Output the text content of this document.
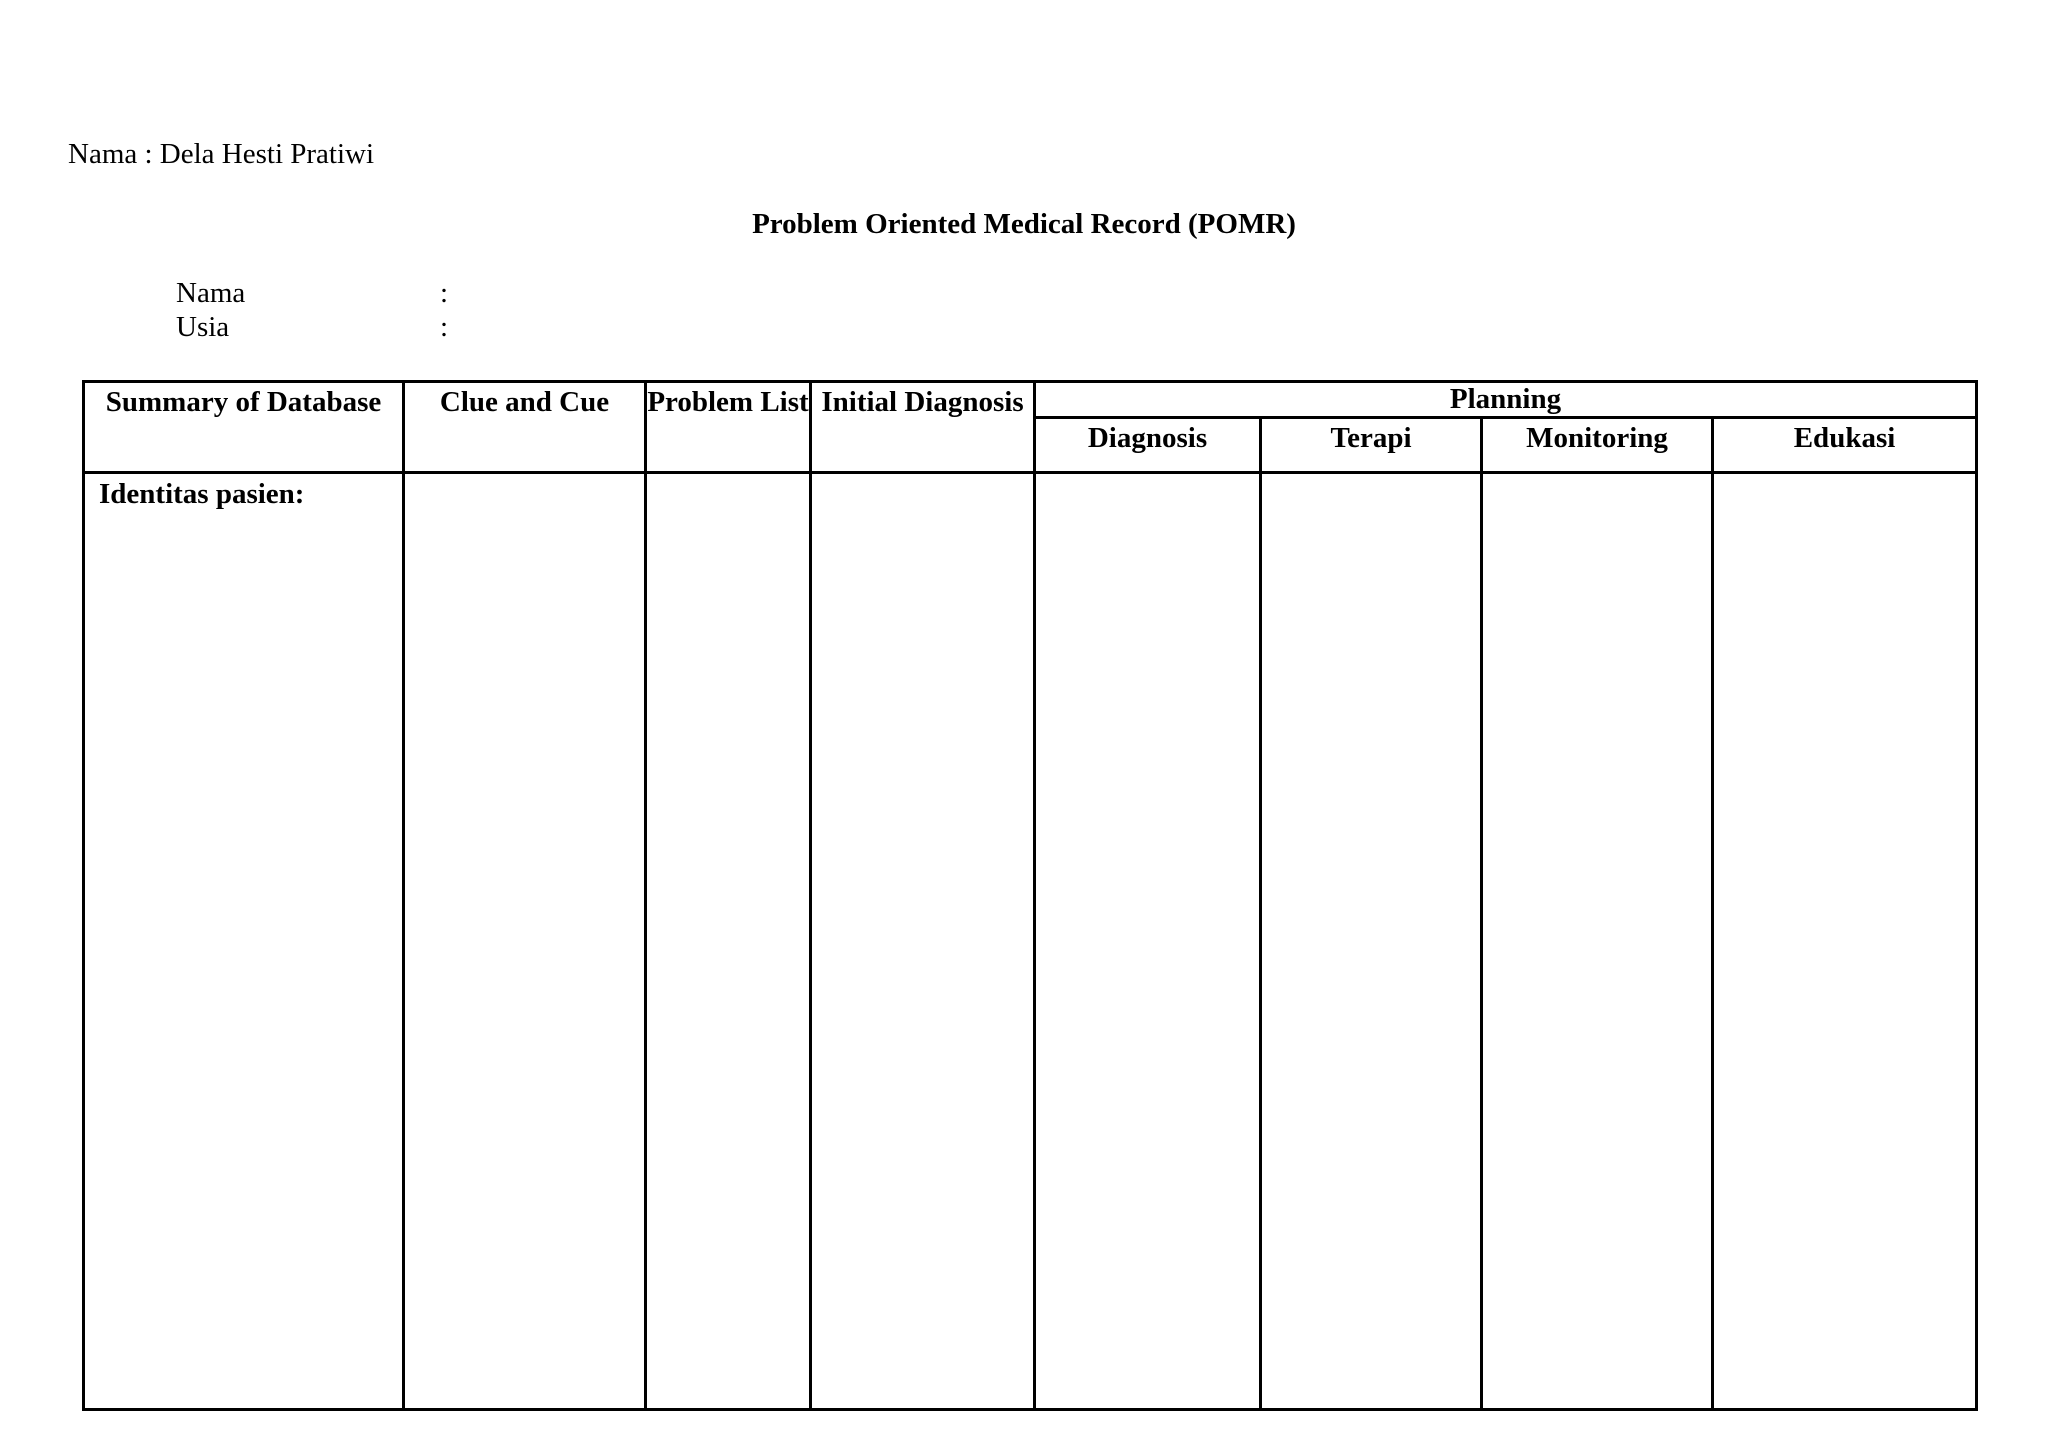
Nama : Dela Hesti Pratiwi
Problem Oriented Medical Record (POMR)
Nama	:
Usia	:
Summary of Database	Clue and Cue	Problem List	Initial Diagnosis	Planning			
				Diagnosis	Terapi	Monitoring	Edukasi
Identitas pasien:							
